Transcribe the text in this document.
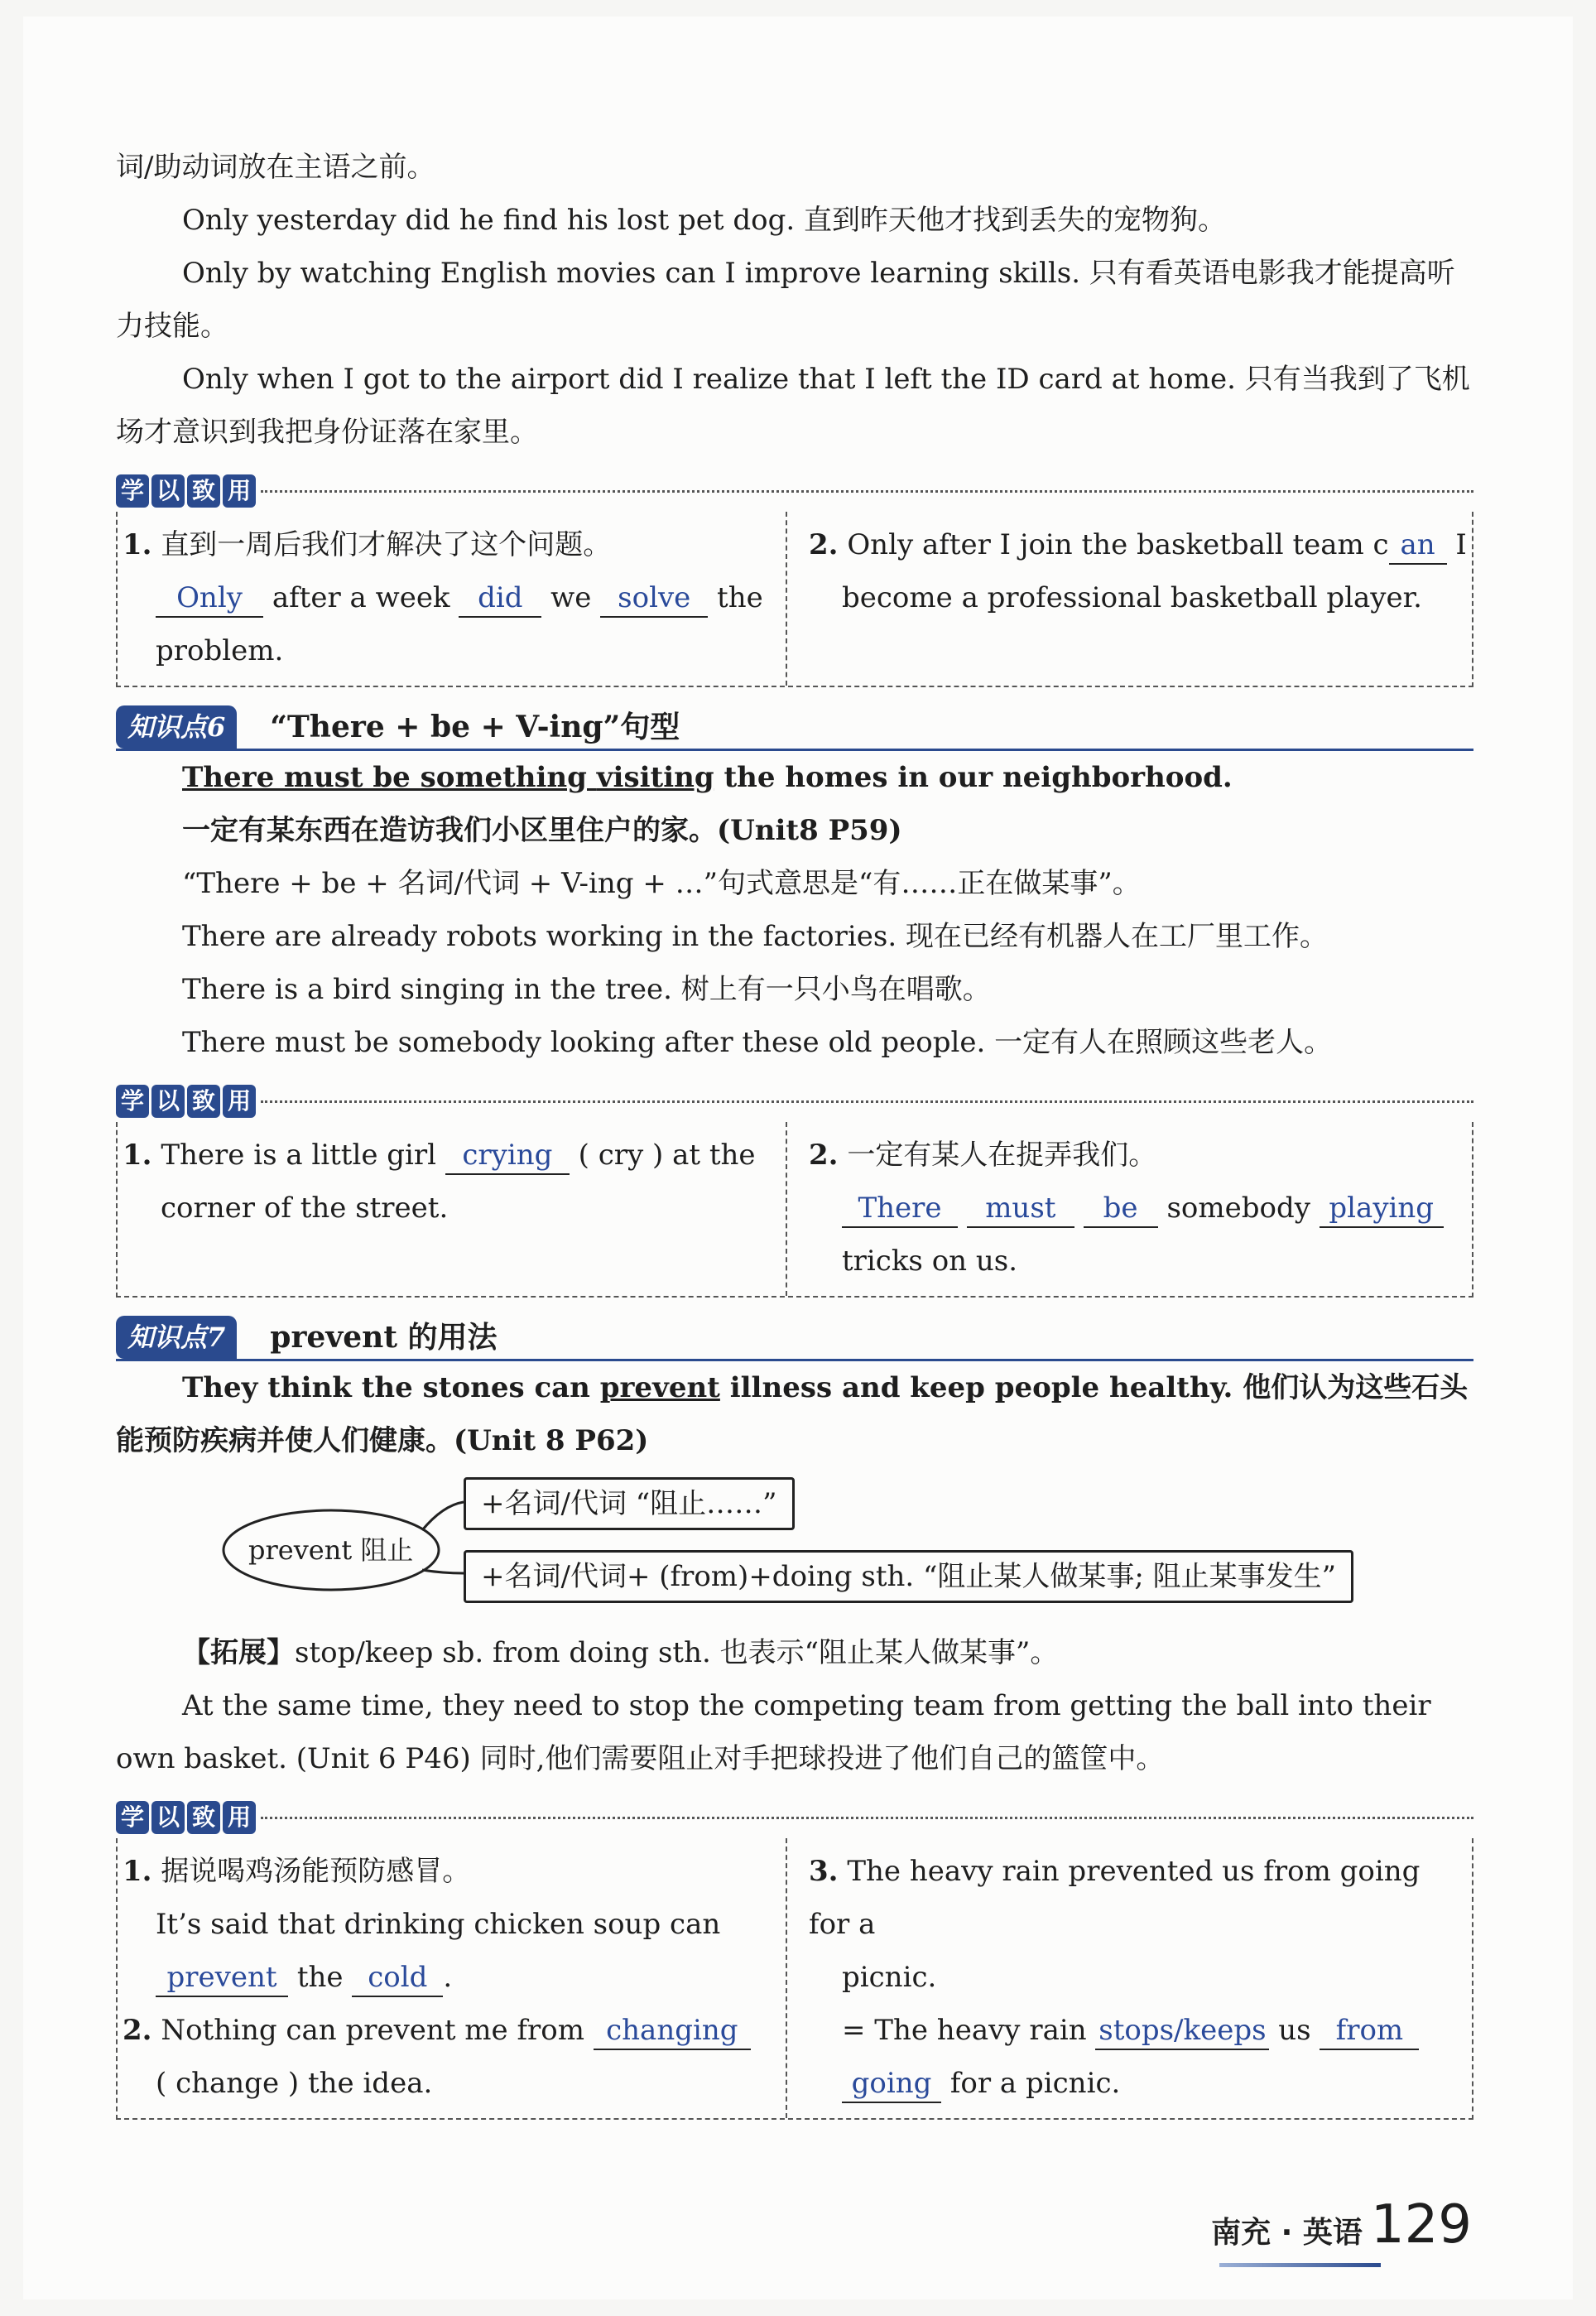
词/助动词放在主语之前。

Only yesterday did he find his lost pet dog. 直到昨天他才找到丢失的宠物狗。

Only by watching English movies can I improve learning skills. 只有看英语电影我才能提高听力技能。

Only when I got to the airport did I realize that I left the ID card at home. 只有当我到了飞机场才意识到我把身份证落在家里。

学 以 致 用

1. 直到一周后我们才解决了这个问题。

Only after a week did we solve the

problem.

2. Only after I join the basketball team c an I

become a professional basketball player.

知识点6	“There + be + V-ing”句型

There must be something visiting the homes in our neighborhood.

一定有某东西在造访我们小区里住户的家。(Unit8 P59)

“There + be + 名词/代词 + V-ing + …”句式意思是“有……正在做某事”。

There are already robots working in the factories. 现在已经有机器人在工厂里工作。

There is a bird singing in the tree. 树上有一只小鸟在唱歌。

There must be somebody looking after these old people. 一定有人在照顾这些老人。

学 以 致 用

1. There is a little girl crying ( cry ) at the

corner of the street.

2. 一定有某人在捉弄我们。

There must be somebody playing

tricks on us.

知识点7	prevent 的用法

They think the stones can prevent illness and keep people healthy. 他们认为这些石头能预防疾病并使人们健康。(Unit 8 P62)

prevent 阻止
+名词/代词 “阻止……”
+名词/代词+ (from)+doing sth. “阻止某人做某事; 阻止某事发生”

【拓展】stop/keep sb. from doing sth. 也表示“阻止某人做某事”。

At the same time, they need to stop the competing team from getting the ball into their own basket. (Unit 6 P46) 同时,他们需要阻止对手把球投进了他们自己的篮筐中。

学 以 致 用

1. 据说喝鸡汤能预防感冒。

It’s said that drinking chicken soup can

prevent the cold .

2. Nothing can prevent me from changing

( change ) the idea.

3. The heavy rain prevented us from going for a

picnic.

= The heavy rain stops/keeps us from

going for a picnic.

南充 · 英语 129
